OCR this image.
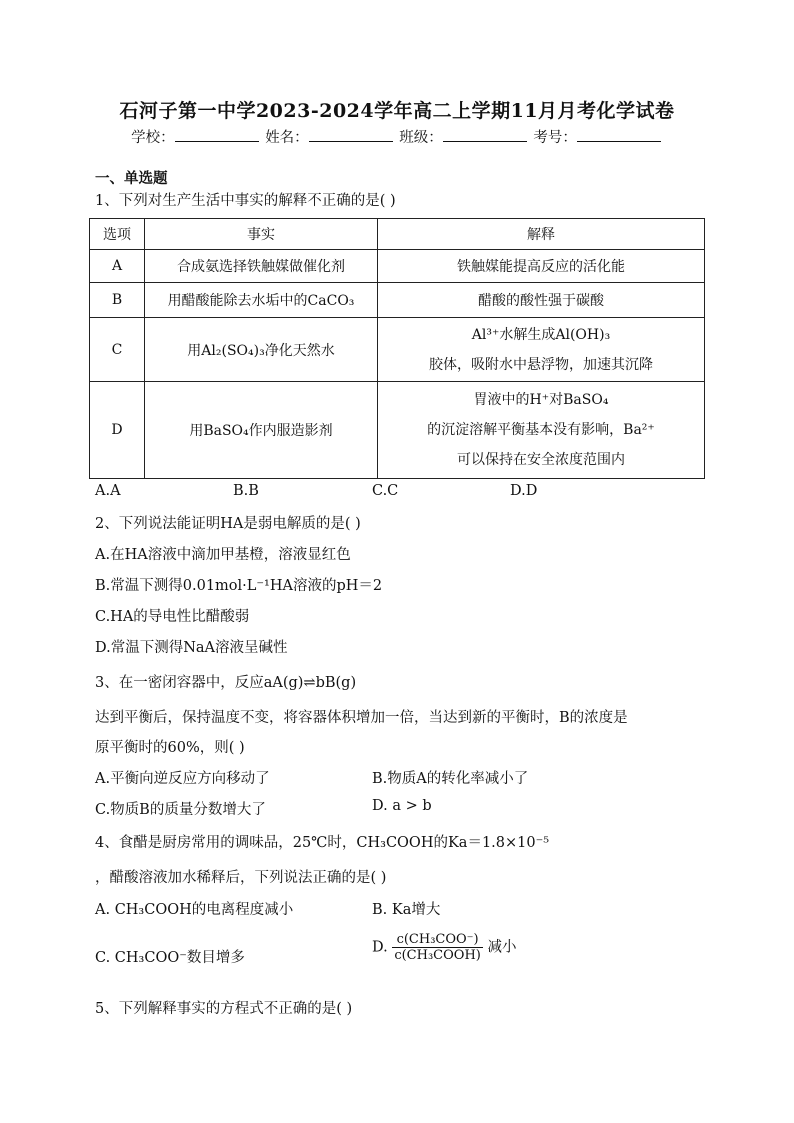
石河子第一中学2023-2024学年高二上学期11月月考化学试卷
学校：	姓名：	班级：	考号：
一、单选题
1、下列对生产生活中事实的解释不正确的是( )
选项	事实	解释
A	合成氨选择铁触媒做催化剂	铁触媒能提高反应的活化能
B	用醋酸能除去水垢中的CaCO₃	醋酸的酸性强于碳酸
C	用Al₂(SO₄)₃净化天然水	Al³⁺水解生成Al(OH)₃
胶体，吸附水中悬浮物，加速其沉降

D	用BaSO₄作内服造影剂	胃液中的H⁺对BaSO₄
的沉淀溶解平衡基本没有影响，Ba²⁺
可以保持在安全浓度范围内
A.A	B.B	C.C	D.D
2、下列说法能证明HA是弱电解质的是( )
A.在HA溶液中滴加甲基橙，溶液显红色
B.常温下测得0.01mol·L⁻¹HA溶液的pH＝2
C.HA的导电性比醋酸弱
D.常温下测得NaA溶液呈碱性
3、在一密闭容器中，反应aA(g)⇌bB(g)
达到平衡后，保持温度不变，将容器体积增加一倍，当达到新的平衡时，B的浓度是
原平衡时的60%，则( )
A.平衡向逆反应方向移动了	B.物质A的转化率减小了
C.物质B的质量分数增大了	D. a > b
4、食醋是厨房常用的调味品，25℃时，CH₃COOH的Ka＝1.8×10⁻⁵
，醋酸溶液加水稀释后，下列说法正确的是( )
A. CH₃COOH的电离程度减小	B. Ka增大
C. CH₃COO⁻数目增多
D. $\frac{\text{c(CH₃COO⁻)}}{\text{c(CH₃COOH)}}$ 减小
5、下列解释事实的方程式不正确的是( )
